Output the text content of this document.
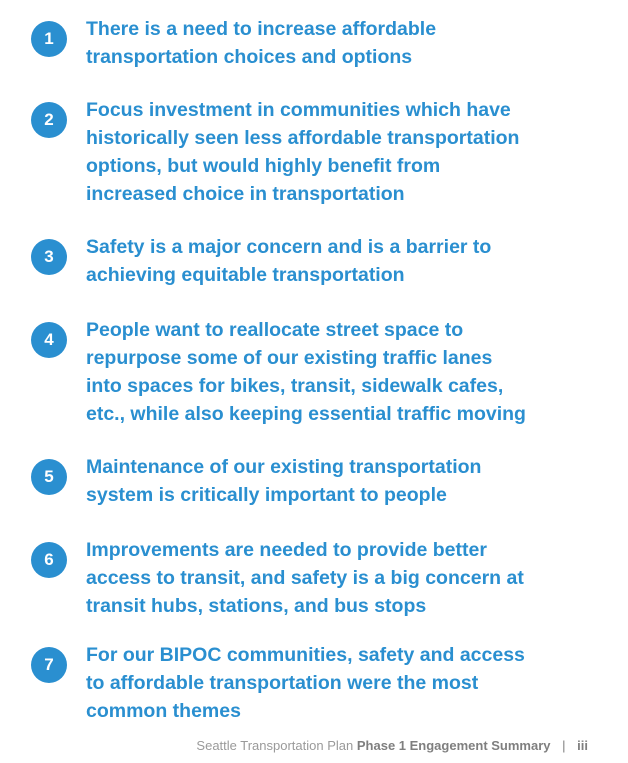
1	There is a need to increase affordable
transportation choices and options
2	Focus investment in communities which have
historically seen less affordable transportation
options, but would highly benefit from
increased choice in transportation
3	Safety is a major concern and is a barrier to
achieving equitable transportation
4	People want to reallocate street space to
repurpose some of our existing traffic lanes
into spaces for bikes, transit, sidewalk cafes,
etc., while also keeping essential traffic moving
5	Maintenance of our existing transportation
system is critically important to people
6	Improvements are needed to provide better
access to transit, and safety is a big concern at
transit hubs, stations, and bus stops
7	For our BIPOC communities, safety and access
to affordable transportation were the most
common themes
Seattle Transportation Plan Phase 1 Engagement Summary | iii
